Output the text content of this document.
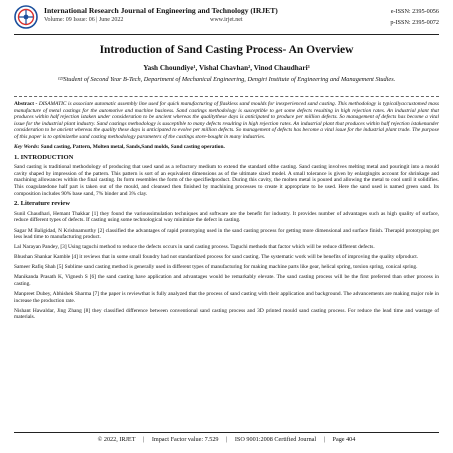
International Research Journal of Engineering and Technology (IRJET)
Volume: 09 Issue: 06 | June 2022	www.irjet.net
e-ISSN: 2395-0056
p-ISSN: 2395-0072
Introduction of Sand Casting Process- An Overview
Yash Choundiye¹, Vishal Chavhan², Vinod Chaudhari³
¹²³Student of Second Year B-Tech, Department of Mechanical Engineering, Dengiri Institute of Engineering and Management Studies.

Abstract - DISAMATIC is associate automatic assembly line used for quick manufacturing of flaskless sand moulds for inexperienced sand casting. This methodology is typicallyaccustomed mass manufacture of metal castings for the automotive and machine business. Sand castings methodology is susceptible to get some defects resulting in high rejection rates. An industrial plant that produces within half rejection istaken under consideration to be ancient whereas the qualitythese days is anticipated to produce per million defects. So management of defects has become a vital issue for the industrial plant industry. Sand castings methodology is susceptible to many defects resulting in high rejection rates. An industrial plant that produces within half rejection istakenunder consideration to be ancient whereas the quality these days is anticipated to evolve per million defects. So management of defects has become a vital issue for the industrial plant trade. The purpose of this paper is to optimizethe sand casting methodology parameters of the castings store-bought in many industries.

Key Words: Sand casting, Pattern, Molten metal, Sands,Sand molds, Sand casting operation.

1. INTRODUCTION

Sand casting is traditional methodology of producing that used sand as a refractory medium to extend the standard ofthe casting. Sand casting involves melting metal and pouringit into a mould cavity shaped by impression of the pattern. This pattern is sort of an equivalent dimensions as of the ultimate sized model. A small tolerance is given by enlargingits account for shrinkage and machining allowances within the final casting. Its form resembles the form of the specifiedproduct. During this cavity, the molten metal is poured and allowing the metal to cool until it solidifies. This coagulatedone half part is taken out of the mould, and cleansed then finished by machining processes to create it appropriate to be used. Here the sand used is named green sand. Its composition includes 90% base sand, 7% binder and 3% clay.

2. Literature review

Sunil Chaudhari, Hemant Thakkar [1] they found the varioussimulation techniques and software are the benefit for industry. It provides number of advantages such as high quality of surface, reduce different types of defects. If casting using some technological way minimize the defect in casting.

Sagar M Baligidad, N Krishnamurthy [2] classified the advantages of rapid prototyping used in the sand casting process for getting more dimensional and surface finish. Therapid prototyping get less lead time to manufacturing product.

Lal Narayan Pandey, [3] Using taguchi method to reduce the defects occurs in sand casting process. Taguchi methods that factor which will be reduce different defects.

Bhushan Shankar Kamble [4] it reviews that in some small foundry had not standardized process for sand casting. The systematic work will be benefits of improving the quality ofproduct.

Sameer Rafiq Shah [5] Sublime sand casting method is generally used in different types of manufacturing for making machine parts like gear, helical spring, torsion spring, conical spring.

Manikanda Prasath K, Vignesh S [6] the sand casting have application and advantages would be remarkably elevate. The sand casting process will be the first preferred than other process in casting.

Manpreet Dubey, Abhishek Sharma [7] the paper is reviewthat is fully analyzed that the process of sand casting with their application and background. The advancements are making major role in increase the production rate.

Nishant Hawaldar, Jing Zhang [8] they classified difference between conventional sand casting process and 3D printed mould sand casting process. For reduce the lead time and wastage of materials.

© 2022, IRJET | Impact Factor value: 7.529 | ISO 9001:2008 Certified Journal | Page 404
